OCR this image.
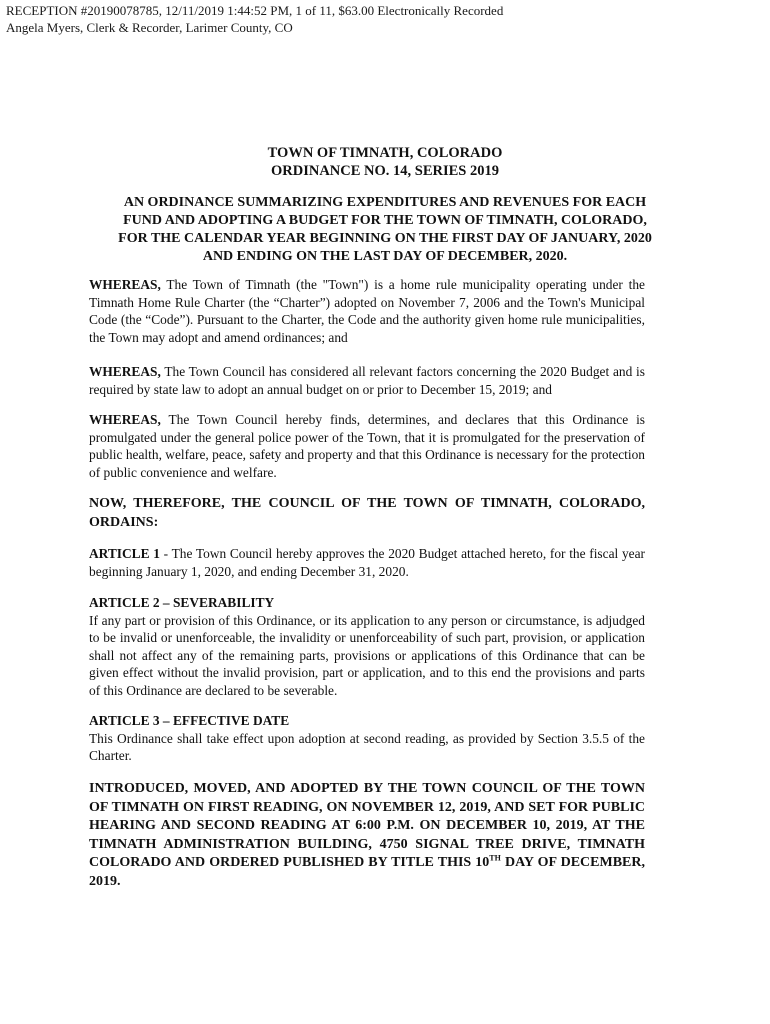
RECEPTION #20190078785, 12/11/2019 1:44:52 PM, 1 of 11, $63.00 Electronically Recorded
Angela Myers, Clerk & Recorder, Larimer County, CO
TOWN OF TIMNATH, COLORADO
ORDINANCE NO. 14, SERIES 2019
AN ORDINANCE SUMMARIZING EXPENDITURES AND REVENUES FOR EACH
FUND AND ADOPTING A BUDGET FOR THE TOWN OF TIMNATH, COLORADO,
FOR THE CALENDAR YEAR BEGINNING ON THE FIRST DAY OF JANUARY, 2020
AND ENDING ON THE LAST DAY OF DECEMBER, 2020.

WHEREAS, The Town of Timnath (the "Town") is a home rule municipality operating under the Timnath Home Rule Charter (the “Charter”) adopted on November 7, 2006 and the Town's Municipal Code (the “Code”). Pursuant to the Charter, the Code and the authority given home rule municipalities, the Town may adopt and amend ordinances; and

WHEREAS, The Town Council has considered all relevant factors concerning the 2020 Budget and is required by state law to adopt an annual budget on or prior to December 15, 2019; and

WHEREAS, The Town Council hereby finds, determines, and declares that this Ordinance is promulgated under the general police power of the Town, that it is promulgated for the preservation of public health, welfare, peace, safety and property and that this Ordinance is necessary for the protection of public convenience and welfare.

NOW, THEREFORE, THE COUNCIL OF THE TOWN OF TIMNATH, COLORADO, ORDAINS:

ARTICLE 1 - The Town Council hereby approves the 2020 Budget attached hereto, for the fiscal year beginning January 1, 2020, and ending December 31, 2020.

ARTICLE 2 – SEVERABILITY
If any part or provision of this Ordinance, or its application to any person or circumstance, is adjudged to be invalid or unenforceable, the invalidity or unenforceability of such part, provision, or application shall not affect any of the remaining parts, provisions or applications of this Ordinance that can be given effect without the invalid provision, part or application, and to this end the provisions and parts of this Ordinance are declared to be severable.
ARTICLE 3 – EFFECTIVE DATE
This Ordinance shall take effect upon adoption at second reading, as provided by Section 3.5.5 of the Charter.

INTRODUCED, MOVED, AND ADOPTED BY THE TOWN COUNCIL OF THE TOWN OF TIMNATH ON FIRST READING, ON NOVEMBER 12, 2019, AND SET FOR PUBLIC HEARING AND SECOND READING AT 6:00 P.M. ON DECEMBER 10, 2019, AT THE TIMNATH ADMINISTRATION BUILDING, 4750 SIGNAL TREE DRIVE, TIMNATH COLORADO AND ORDERED PUBLISHED BY TITLE THIS 10TH DAY OF DECEMBER, 2019.
